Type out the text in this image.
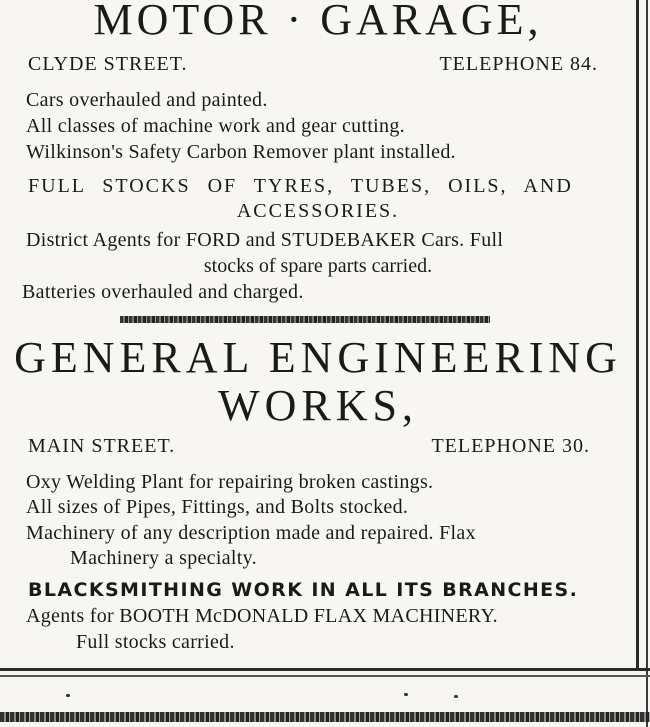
MOTOR · GARAGE,
CLYDE STREET.	TELEPHONE 84.
Cars overhauled and painted.
All classes of machine work and gear cutting.
Wilkinson's Safety Carbon Remover plant installed.
FULL STOCKS OF TYRES, TUBES, OILS, AND
ACCESSORIES.
District Agents for FORD and STUDEBAKER Cars. Full
stocks of spare parts carried.
Batteries overhauled and charged.
GENERAL ENGINEERING
WORKS,
MAIN STREET.	TELEPHONE 30.
Oxy Welding Plant for repairing broken castings.
All sizes of Pipes, Fittings, and Bolts stocked.
Machinery of any description made and repaired. Flax
Machinery a specialty.
BLACKSMITHING WORK IN ALL ITS BRANCHES.
Agents for BOOTH McDONALD FLAX MACHINERY.
Full stocks carried.
